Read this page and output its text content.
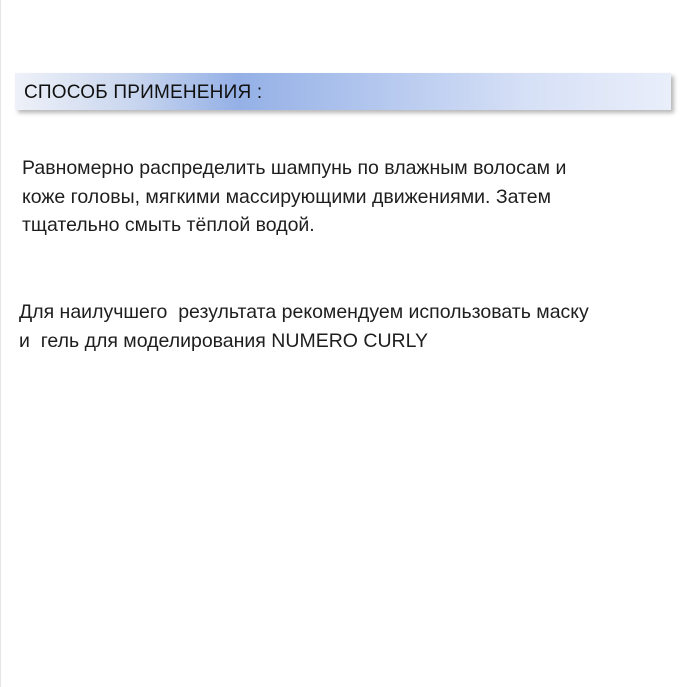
СПОСОБ ПРИМЕНЕНИЯ :
Равномерно распределить шампунь по влажным волосам и
коже головы, мягкими массирующими движениями. Затем
тщательно смыть тёплой водой.
Для наилучшего  результата рекомендуем использовать маску
и  гель для моделирования NUMERO CURLY
